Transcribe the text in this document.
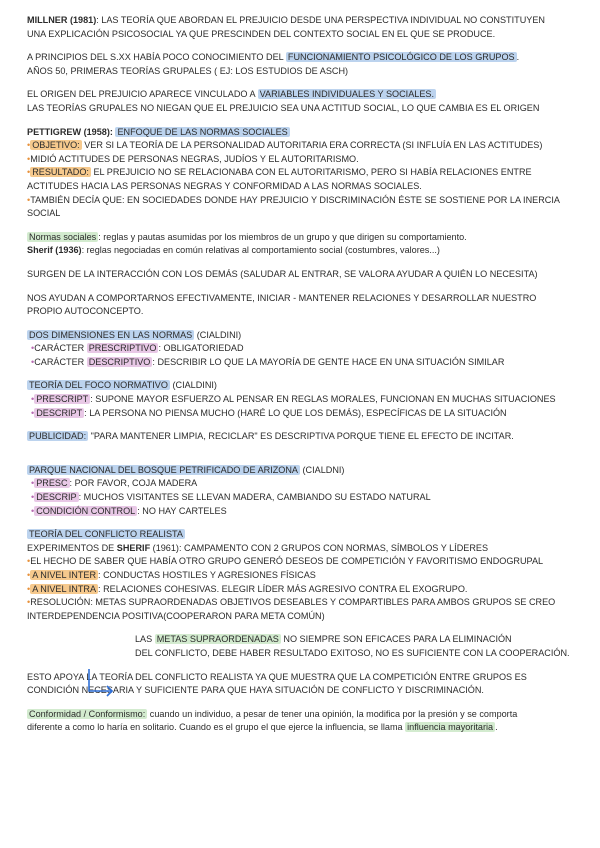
MILLNER (1981): LAS TEORÍA QUE ABORDAN EL PREJUICIO DESDE UNA PERSPECTIVA INDIVIDUAL NO CONSTITUYEN
UNA EXPLICACIÓN PSICOSOCIAL YA QUE PRESCINDEN DEL CONTEXTO SOCIAL EN EL QUE SE PRODUCE.
A PRINCIPIOS DEL S.XX HABÍA POCO CONOCIMIENTO DEL FUNCIONAMIENTO PSICOLÓGICO DE LOS GRUPOS .
AÑOS 50, PRIMERAS TEORÍAS GRUPALES ( EJ: LOS ESTUDIOS DE ASCH)
EL ORIGEN DEL PREJUICIO APARECE VINCULADO A VARIABLES INDIVIDUALES Y SOCIALES.
LAS TEORÍAS GRUPALES NO NIEGAN QUE EL PREJUICIO SEA UNA ACTITUD SOCIAL, LO QUE CAMBIA ES EL ORIGEN
PETTIGREW (1958): ENFOQUE DE LAS NORMAS SOCIALES
• OBJETIVO: VER SI LA TEORÍA DE LA PERSONALIDAD AUTORITARIA ERA CORRECTA (SI INFLUÍA EN LAS ACTITUDES)
•MIDIÓ ACTITUDES DE PERSONAS NEGRAS, JUDÍOS Y EL AUTORITARISMO.
• RESULTADO: EL PREJUICIO NO SE RELACIONABA CON EL AUTORITARISMO, PERO SI HABÍA RELACIONES ENTRE
ACTITUDES HACIA LAS PERSONAS NEGRAS Y CONFORMIDAD A LAS NORMAS SOCIALES.
•TAMBIÉN DECÍA QUE: EN SOCIEDADES DONDE HAY PREJUICIO Y DISCRIMINACIÓN ÉSTE SE SOSTIENE POR LA INERCIA
SOCIAL
Normas sociales : reglas y pautas asumidas por los miembros de un grupo y que dirigen su comportamiento.
Sherif (1936): reglas negociadas en común relativas al comportamiento social (costumbres, valores...)
SURGEN DE LA INTERACCIÓN CON LOS DEMÁS (SALUDAR AL ENTRAR, SE VALORA AYUDAR A QUIÉN LO NECESITA)
NOS AYUDAN A COMPORTARNOS EFECTIVAMENTE, INICIAR - MANTENER RELACIONES Y DESARROLLAR NUESTRO
PROPIO AUTOCONCEPTO.
DOS DIMENSIONES EN LAS NORMAS (CIALDINI)
•CARÁCTER PRESCRIPTIVO : OBLIGATORIEDAD
•CARÁCTER DESCRIPTIVO : DESCRIBIR LO QUE LA MAYORÍA DE GENTE HACE EN UNA SITUACIÓN SIMILAR
TEORÍA DEL FOCO NORMATIVO (CIALDINI)
• PRESCRIPT : SUPONE MAYOR ESFUERZO AL PENSAR EN REGLAS MORALES, FUNCIONAN EN MUCHAS SITUACIONES
• DESCRIPT : LA PERSONA NO PIENSA MUCHO (HARÉ LO QUE LOS DEMÁS), ESPECÍFICAS DE LA SITUACIÓN
PUBLICIDAD: "PARA MANTENER LIMPIA, RECICLAR" ES DESCRIPTIVA PORQUE TIENE EL EFECTO DE INCITAR.
PARQUE NACIONAL DEL BOSQUE PETRIFICADO DE ARIZONA (CIALDNI)
• PRESC : POR FAVOR, COJA MADERA
• DESCRIP : MUCHOS VISITANTES SE LLEVAN MADERA, CAMBIANDO SU ESTADO NATURAL
• CONDICIÓN CONTROL : NO HAY CARTELES
TEORÍA DEL CONFLICTO REALISTA
EXPERIMENTOS DE SHERIF (1961): CAMPAMENTO CON 2 GRUPOS CON NORMAS, SÍMBOLOS Y LÍDERES
•EL HECHO DE SABER QUE HABÍA OTRO GRUPO GENERÓ DESEOS DE COMPETICIÓN Y FAVORITISMO ENDOGRUPAL
• A NIVEL INTER : CONDUCTAS HOSTILES Y AGRESIONES FÍSICAS
• A NIVEL INTRA : RELACIONES COHESIVAS. ELEGIR LÍDER MÁS AGRESIVO CONTRA EL EXOGRUPO.
•RESOLUCIÓN: METAS SUPRAORDENADAS OBJETIVOS DESEABLES Y COMPARTIBLES PARA AMBOS GRUPOS SE CREO
INTERDEPENDENCIA POSITIVA(COOPERARON PARA META COMÚN)
LAS METAS SUPRAORDENADAS NO SIEMPRE SON EFICACES PARA LA ELIMINACIÓN
DEL CONFLICTO, DEBE HABER RESULTADO EXITOSO, NO ES SUFICIENTE CON LA COOPERACIÓN.
ESTO APOYA LA TEORÍA DEL CONFLICTO REALISTA YA QUE MUESTRA QUE LA COMPETICIÓN ENTRE GRUPOS ES
CONDICIÓN NECESARIA Y SUFICIENTE PARA QUE HAYA SITUACIÓN DE CONFLICTO Y DISCRIMINACIÓN.
Conformidad / Conformismo: cuando un individuo, a pesar de tener una opinión, la modifica por la presión y se comporta
diferente a como lo haría en solitario. Cuando es el grupo el que ejerce la influencia, se llama influencia mayoritaria .
